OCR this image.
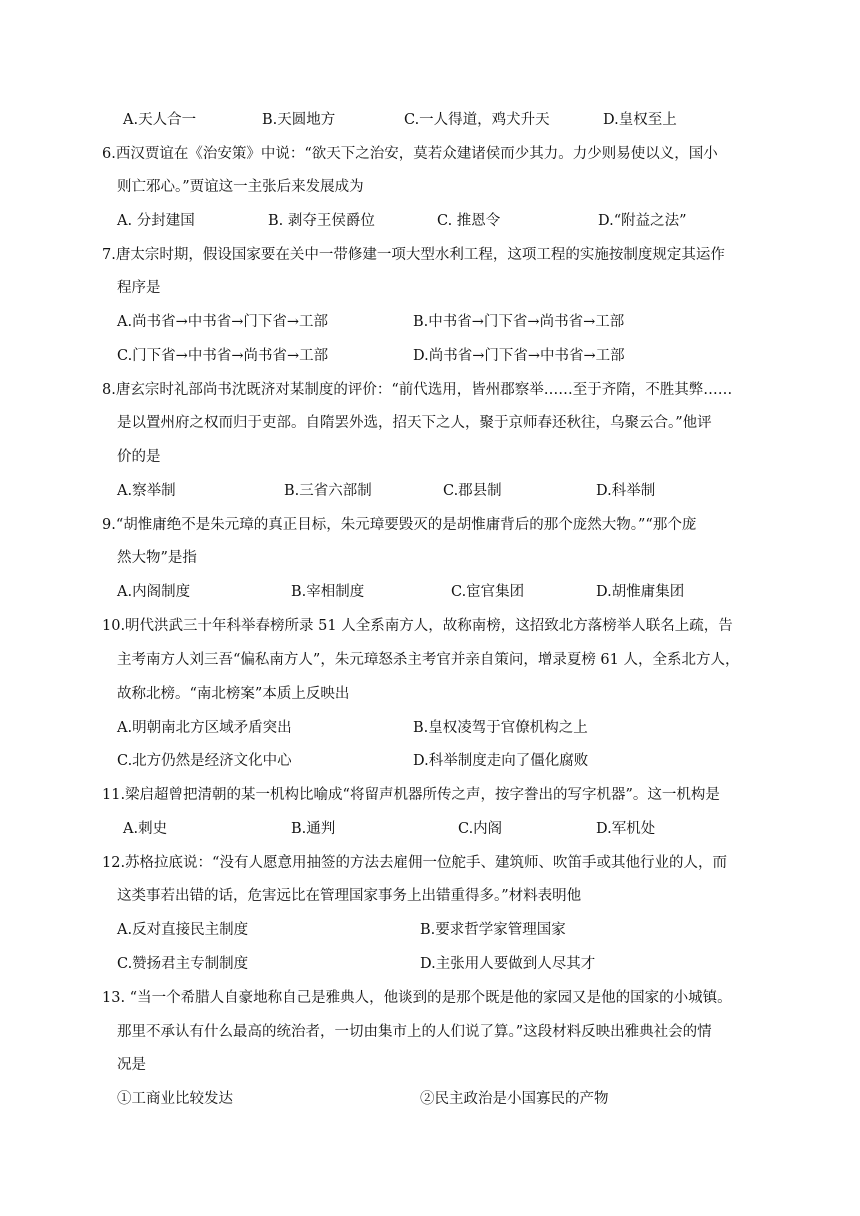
A.天人合一	B.天圆地方	C.一人得道，鸡犬升天	D.皇权至上
6.西汉贾谊在《治安策》中说：“欲天下之治安，莫若众建诸侯而少其力。力少则易使以义，国小
则亡邪心。”贾谊这一主张后来发展成为
A. 分封建国	B. 剥夺王侯爵位	C. 推恩令	D.“附益之法”
7.唐太宗时期，假设国家要在关中一带修建一项大型水利工程，这项工程的实施按制度规定其运作
程序是
A.尚书省→中书省→门下省→工部	B.中书省→门下省→尚书省→工部
C.门下省→中书省→尚书省→工部	D.尚书省→门下省→中书省→工部
8.唐玄宗时礼部尚书沈既济对某制度的评价：“前代选用，皆州郡察举……至于齐隋，不胜其弊……
是以置州府之权而归于吏部。自隋罢外选，招天下之人，聚于京师春还秋往，乌聚云合。”他评
价的是
A.察举制	B.三省六部制	C.郡县制	D.科举制
9.“胡惟庸绝不是朱元璋的真正目标，朱元璋要毁灭的是胡惟庸背后的那个庞然大物。”“那个庞
然大物”是指
A.内阁制度	B.宰相制度	C.宦官集团	D.胡惟庸集团
10.明代洪武三十年科举春榜所录 51 人全系南方人，故称南榜，这招致北方落榜举人联名上疏，告
主考南方人刘三吾“偏私南方人”，朱元璋怒杀主考官并亲自策问，增录夏榜 61 人，全系北方人，
故称北榜。“南北榜案”本质上反映出
A.明朝南北方区域矛盾突出	B.皇权凌驾于官僚机构之上
C.北方仍然是经济文化中心	D.科举制度走向了僵化腐败
11.梁启超曾把清朝的某一机构比喻成“将留声机器所传之声，按字誊出的写字机器”。这一机构是
A.刺史	B.通判	C.内阁	D.军机处
12.苏格拉底说：“没有人愿意用抽签的方法去雇佣一位舵手、建筑师、吹笛手或其他行业的人，而
这类事若出错的话，危害远比在管理国家事务上出错重得多。”材料表明他
A.反对直接民主制度	B.要求哲学家管理国家
C.赞扬君主专制制度	D.主张用人要做到人尽其才
13. “当一个希腊人自豪地称自己是雅典人，他谈到的是那个既是他的家园又是他的国家的小城镇。
那里不承认有什么最高的统治者，一切由集市上的人们说了算。”这段材料反映出雅典社会的情
况是
①工商业比较发达	②民主政治是小国寡民的产物
